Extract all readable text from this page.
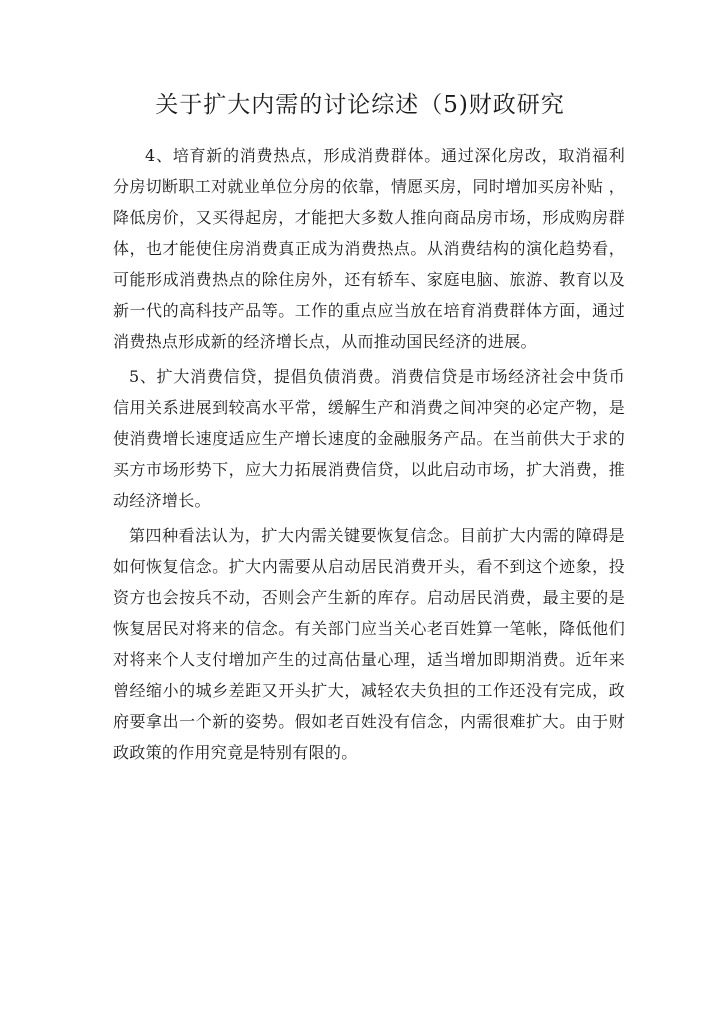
关于扩大内需的讨论综述（5)财政研究

4、培育新的消费热点，形成消费群体。通过深化房改，取消福利分房切断职工对就业单位分房的依靠，情愿买房，同时增加买房补贴 ，降低房价，又买得起房，才能把大多数人推向商品房市场，形成购房群体，也才能使住房消费真正成为消费热点。从消费结构的演化趋势看，可能形成消费热点的除住房外，还有轿车、家庭电脑、旅游、教育以及新一代的高科技产品等。工作的重点应当放在培育消费群体方面，通过消费热点形成新的经济增长点，从而推动国民经济的进展。

5、扩大消费信贷，提倡负债消费。消费信贷是市场经济社会中货币信用关系进展到较高水平常，缓解生产和消费之间冲突的必定产物，是使消费增长速度适应生产增长速度的金融服务产品。在当前供大于求的买方市场形势下，应大力拓展消费信贷，以此启动市场，扩大消费，推动经济增长。

第四种看法认为，扩大内需关键要恢复信念。目前扩大内需的障碍是如何恢复信念。扩大内需要从启动居民消费开头，看不到这个迹象，投资方也会按兵不动，否则会产生新的库存。启动居民消费，最主要的是恢复居民对将来的信念。有关部门应当关心老百姓算一笔帐，降低他们对将来个人支付增加产生的过高估量心理，适当增加即期消费。近年来曾经缩小的城乡差距又开头扩大，减轻农夫负担的工作还没有完成，政府要拿出一个新的姿势。假如老百姓没有信念，内需很难扩大。由于财政政策的作用究竟是特别有限的。
